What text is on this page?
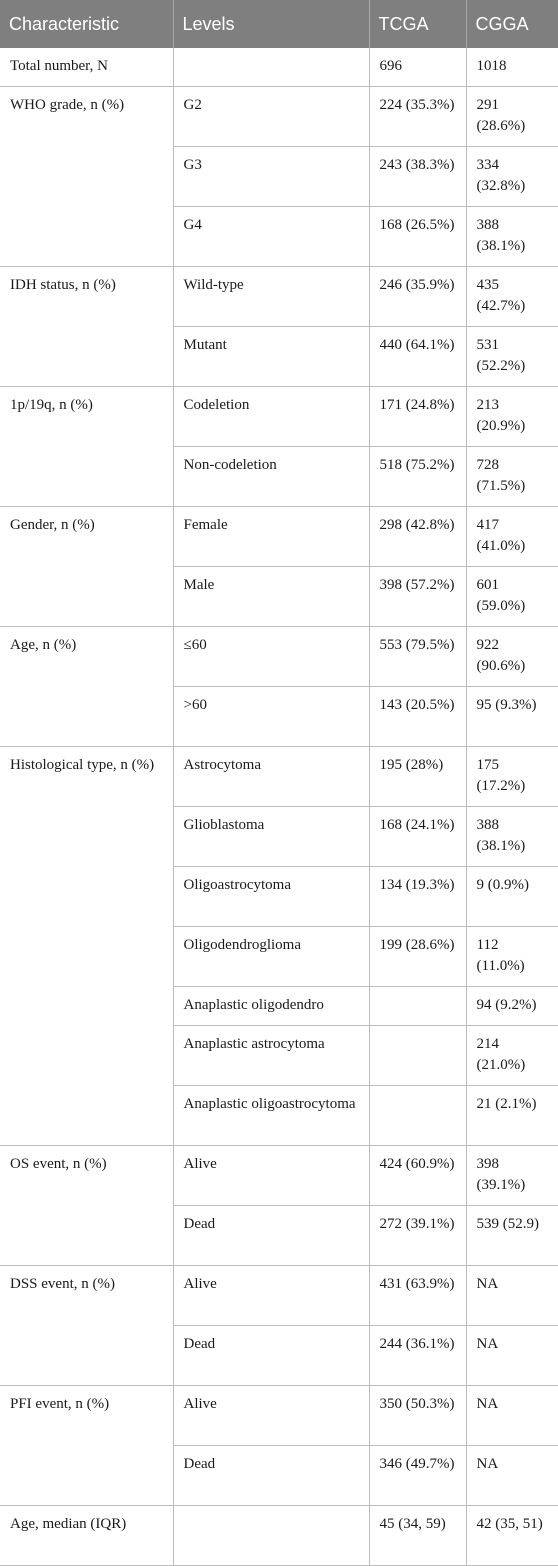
Characteristic	Levels	TCGA	CGGA
Total number, N		696	1018
WHO grade, n (%)	G2	224 (35.3%)	291 (28.6%)
	G3	243 (38.3%)	334 (32.8%)
	G4	168 (26.5%)	388 (38.1%)
IDH status, n (%)	Wild-type	246 (35.9%)	435 (42.7%)
	Mutant	440 (64.1%)	531 (52.2%)
1p/19q, n (%)	Codeletion	171 (24.8%)	213 (20.9%)
	Non-codeletion	518 (75.2%)	728 (71.5%)
Gender, n (%)	Female	298 (42.8%)	417 (41.0%)
	Male	398 (57.2%)	601 (59.0%)
Age, n (%)	≤60	553 (79.5%)	922 (90.6%)
	>60	143 (20.5%)	95 (9.3%)
Histological type, n (%)	Astrocytoma	195 (28%)	175 (17.2%)
	Glioblastoma	168 (24.1%)	388 (38.1%)
	Oligoastrocytoma	134 (19.3%)	9 (0.9%)
	Oligodendroglioma	199 (28.6%)	112 (11.0%)
	Anaplastic oligodendro		94 (9.2%)
	Anaplastic astrocytoma		214 (21.0%)
	Anaplastic oligoastrocytoma		21 (2.1%)
OS event, n (%)	Alive	424 (60.9%)	398 (39.1%)
	Dead	272 (39.1%)	539 (52.9)
DSS event, n (%)	Alive	431 (63.9%)	NA
	Dead	244 (36.1%)	NA
PFI event, n (%)	Alive	350 (50.3%)	NA
	Dead	346 (49.7%)	NA
Age, median (IQR)		45 (34, 59)	42 (35, 51)
